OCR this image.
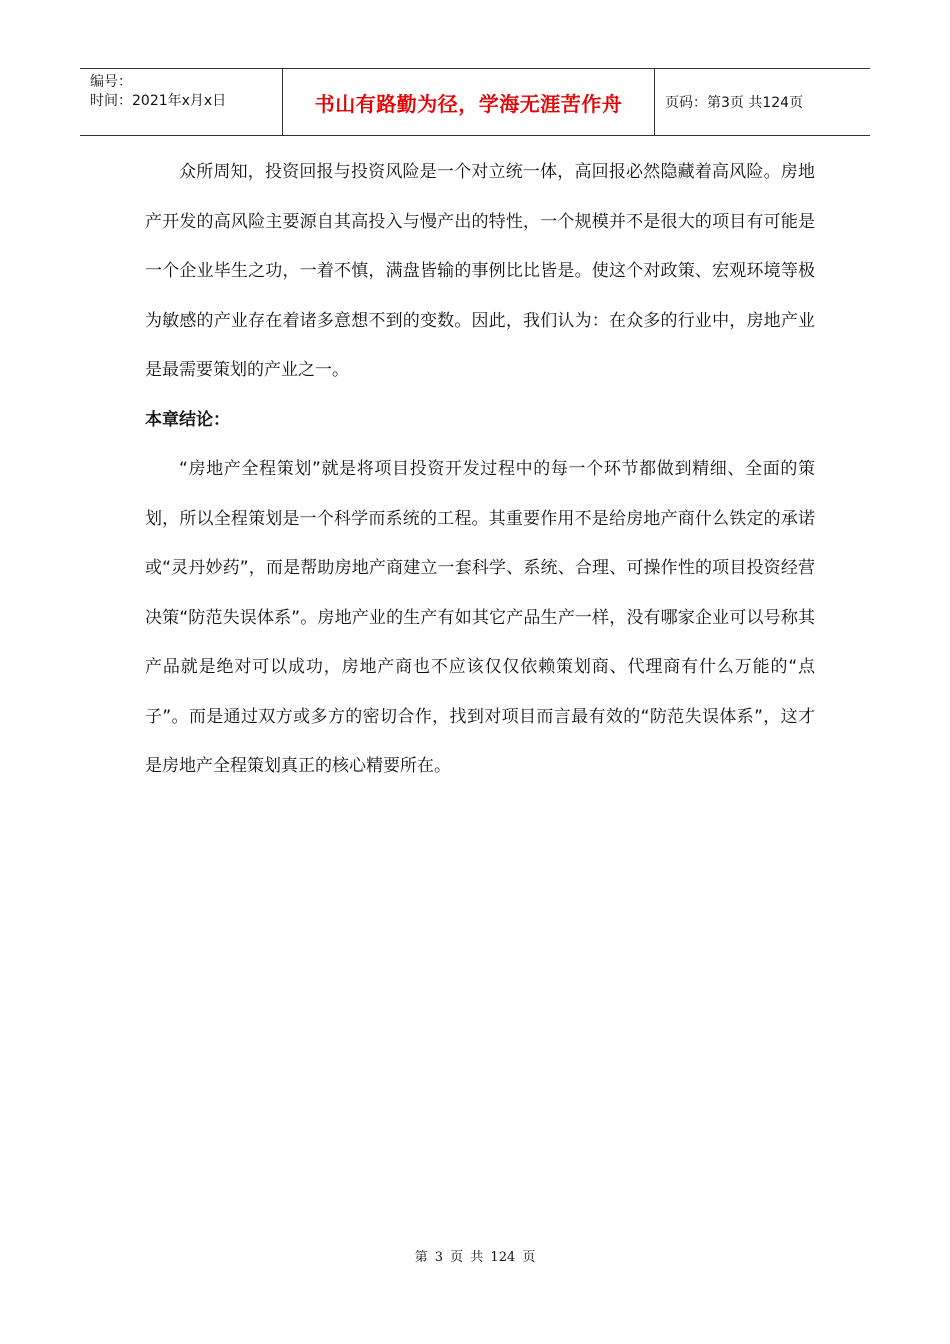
编号：
时间：2021年x月x日	书山有路勤为径，学海无涯苦作舟	页码：第3页 共124页

众所周知，投资回报与投资风险是一个对立统一体，高回报必然隐藏着高风险。房地产开发的高风险主要源自其高投入与慢产出的特性，一个规模并不是很大的项目有可能是一个企业毕生之功，一着不慎，满盘皆输的事例比比皆是。使这个对政策、宏观环境等极为敏感的产业存在着诸多意想不到的变数。因此，我们认为：在众多的行业中，房地产业是最需要策划的产业之一。

本章结论：

“房地产全程策划”就是将项目投资开发过程中的每一个环节都做到精细、全面的策划，所以全程策划是一个科学而系统的工程。其重要作用不是给房地产商什么铁定的承诺或“灵丹妙药”，而是帮助房地产商建立一套科学、系统、合理、可操作性的项目投资经营决策“防范失误体系”。房地产业的生产有如其它产品生产一样，没有哪家企业可以号称其产品就是绝对可以成功，房地产商也不应该仅仅依赖策划商、代理商有什么万能的“点子”。而是通过双方或多方的密切合作，找到对项目而言最有效的“防范失误体系”，这才是房地产全程策划真正的核心精要所在。

第 3 页 共 124 页
